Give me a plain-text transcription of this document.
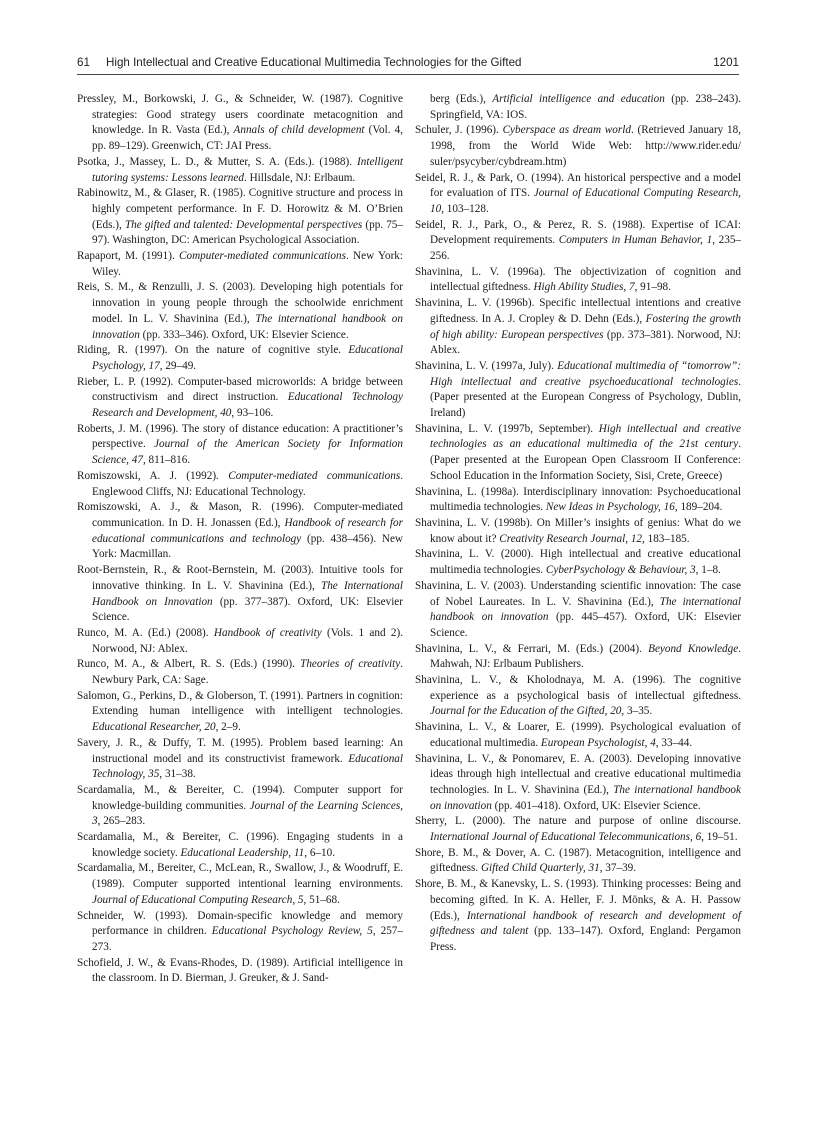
61 High Intellectual and Creative Educational Multimedia Technologies for the Gifted	1201

Pressley, M., Borkowski, J. G., & Schneider, W. (1987). Cognitive strategies: Good strategy users coordinate metacognition and knowledge. In R. Vasta (Ed.), Annals of child development (Vol. 4, pp. 89–129). Greenwich, CT: JAI Press.

Psotka, J., Massey, L. D., & Mutter, S. A. (Eds.). (1988). Intelligent tutoring systems: Lessons learned. Hillsdale, NJ: Erlbaum.

Rabinowitz, M., & Glaser, R. (1985). Cognitive structure and process in highly competent performance. In F. D. Horowitz & M. O’Brien (Eds.), The gifted and talented: Developmental perspectives (pp. 75–97). Washington, DC: American Psychological Association.

Rapaport, M. (1991). Computer-mediated communications. New York: Wiley.

Reis, S. M., & Renzulli, J. S. (2003). Developing high potentials for innovation in young people through the schoolwide enrichment model. In L. V. Shavinina (Ed.), The international handbook on innovation (pp. 333–346). Oxford, UK: Elsevier Science.

Riding, R. (1997). On the nature of cognitive style. Educational Psychology, 17, 29–49.

Rieber, L. P. (1992). Computer-based microworlds: A bridge between constructivism and direct instruction. Educational Technology Research and Development, 40, 93–106.

Roberts, J. M. (1996). The story of distance education: A practitioner’s perspective. Journal of the American Society for Information Science, 47, 811–816.

Romiszowski, A. J. (1992). Computer-mediated communications. Englewood Cliffs, NJ: Educational Technology.

Romiszowski, A. J., & Mason, R. (1996). Computer-mediated communication. In D. H. Jonassen (Ed.), Handbook of research for educational communications and technology (pp. 438–456). New York: Macmillan.

Root-Bernstein, R., & Root-Bernstein, M. (2003). Intuitive tools for innovative thinking. In L. V. Shavinina (Ed.), The International Handbook on Innovation (pp. 377–387). Oxford, UK: Elsevier Science.

Runco, M. A. (Ed.) (2008). Handbook of creativity (Vols. 1 and 2). Norwood, NJ: Ablex.

Runco, M. A., & Albert, R. S. (Eds.) (1990). Theories of creativity. Newbury Park, CA: Sage.

Salomon, G., Perkins, D., & Globerson, T. (1991). Partners in cognition: Extending human intelligence with intelligent technologies. Educational Researcher, 20, 2–9.

Savery, J. R., & Duffy, T. M. (1995). Problem based learning: An instructional model and its constructivist framework. Educational Technology, 35, 31–38.

Scardamalia, M., & Bereiter, C. (1994). Computer support for knowledge-building communities. Journal of the Learning Sciences, 3, 265–283.

Scardamalia, M., & Bereiter, C. (1996). Engaging students in a knowledge society. Educational Leadership, 11, 6–10.

Scardamalia, M., Bereiter, C., McLean, R., Swallow, J., & Woodruff, E. (1989). Computer supported intentional learning environments. Journal of Educational Computing Research, 5, 51–68.

Schneider, W. (1993). Domain-specific knowledge and memory performance in children. Educational Psychology Review, 5, 257–273.

Schofield, J. W., & Evans-Rhodes, D. (1989). Artificial intelligence in the classroom. In D. Bierman, J. Greuker, & J. Sand-

berg (Eds.), Artificial intelligence and education (pp. 238–243). Springfield, VA: IOS.

Schuler, J. (1996). Cyberspace as dream world. (Retrieved January 18, 1998, from the World Wide Web: http://www.rider.edu/ suler/psycyber/cybdream.htm)

Seidel, R. J., & Park, O. (1994). An historical perspective and a model for evaluation of ITS. Journal of Educational Computing Research, 10, 103–128.

Seidel, R. J., Park, O., & Perez, R. S. (1988). Expertise of ICAI: Development requirements. Computers in Human Behavior, 1, 235–256.

Shavinina, L. V. (1996a). The objectivization of cognition and intellectual giftedness. High Ability Studies, 7, 91–98.

Shavinina, L. V. (1996b). Specific intellectual intentions and creative giftedness. In A. J. Cropley & D. Dehn (Eds.), Fostering the growth of high ability: European perspectives (pp. 373–381). Norwood, NJ: Ablex.

Shavinina, L. V. (1997a, July). Educational multimedia of “tomorrow”: High intellectual and creative psychoeducational technologies. (Paper presented at the European Congress of Psychology, Dublin, Ireland)

Shavinina, L. V. (1997b, September). High intellectual and creative technologies as an educational multimedia of the 21st century. (Paper presented at the European Open Classroom II Conference: School Education in the Information Society, Sisi, Crete, Greece)

Shavinina, L. (1998a). Interdisciplinary innovation: Psychoeducational multimedia technologies. New Ideas in Psychology, 16, 189–204.

Shavinina, L. V. (1998b). On Miller’s insights of genius: What do we know about it? Creativity Research Journal, 12, 183–185.

Shavinina, L. V. (2000). High intellectual and creative educational multimedia technologies. CyberPsychology & Behaviour, 3, 1–8.

Shavinina, L. V. (2003). Understanding scientific innovation: The case of Nobel Laureates. In L. V. Shavinina (Ed.), The international handbook on innovation (pp. 445–457). Oxford, UK: Elsevier Science.

Shavinina, L. V., & Ferrari, M. (Eds.) (2004). Beyond Knowledge. Mahwah, NJ: Erlbaum Publishers.

Shavinina, L. V., & Kholodnaya, M. A. (1996). The cognitive experience as a psychological basis of intellectual giftedness. Journal for the Education of the Gifted, 20, 3–35.

Shavinina, L. V., & Loarer, E. (1999). Psychological evaluation of educational multimedia. European Psychologist, 4, 33–44.

Shavinina, L. V., & Ponomarev, E. A. (2003). Developing innovative ideas through high intellectual and creative educational multimedia technologies. In L. V. Shavinina (Ed.), The international handbook on innovation (pp. 401–418). Oxford, UK: Elsevier Science.

Sherry, L. (2000). The nature and purpose of online discourse. International Journal of Educational Telecommunications, 6, 19–51.

Shore, B. M., & Dover, A. C. (1987). Metacognition, intelligence and giftedness. Gifted Child Quarterly, 31, 37–39.

Shore, B. M., & Kanevsky, L. S. (1993). Thinking processes: Being and becoming gifted. In K. A. Heller, F. J. Mönks, & A. H. Passow (Eds.), International handbook of research and development of giftedness and talent (pp. 133–147). Oxford, England: Pergamon Press.
